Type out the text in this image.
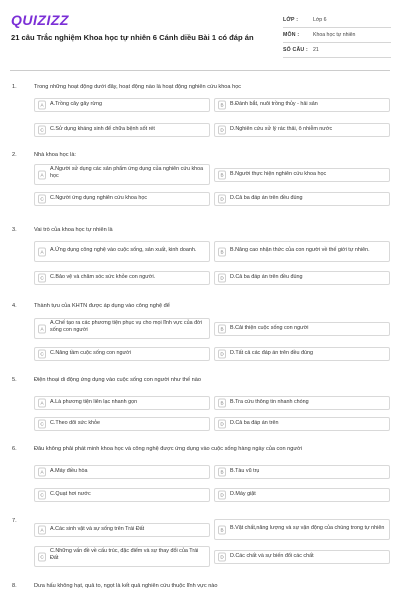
QUIZIZZ
21 câu Trắc nghiệm Khoa học tự nhiên 6 Cánh diều Bài 1 có đáp án
LỚP :	Lớp 6
MÔN :	Khoa học tự nhiên
SỐ CÂU : 21
1.	Trong những hoạt động dưới đây, hoạt động nào là hoạt động nghiên cứu khoa học
A	A.Trồng cây gây rừng	B	B.Đánh bắt, nuôi trồng thủy - hải sản
C	C.Sử dụng kháng sinh để chữa bệnh sốt rét	D	D.Nghiên cứu xử lý rác thải, ô nhiễm nước
2.	Nhà khoa học là:
A
A.Người sử dụng các sản phẩm ứng dụng của nghiên cứu khoa học	B	B.Người thực hiện nghiên cứu khoa học
C	C.Người ứng dụng nghiên cứu khoa học	D	D.Cả ba đáp án trên đều đúng
3.	Vai trò của khoa học tự nhiên là
A	A.Ứng dụng công nghệ vào cuộc sống, sản xuất, kinh doanh.	B	B.Nâng cao nhận thức của con người về thế giới tự nhiên.
C	C.Bảo vệ và chăm sóc sức khỏe con người.	D	D.Cả ba đáp án trên đều đúng
4.	Thành tựu của KHTN được áp dụng vào công nghệ để
A
A.Chế tạo ra các phương tiện phục vụ cho mọi lĩnh vực của đời sống con người	B	B.Cải thiện cuộc sống con người
C	C.Nâng tầm cuộc sống con người	D	D.Tất cả các đáp án trên đều đúng
5.	Điện thoại di động ứng dụng vào cuộc sống con người như thế nào
A	A.Là phương tiện liên lạc nhanh gọn	B	B.Tra cứu thông tin nhanh chóng
C	C.Theo dõi sức khỏe	D	D.Cả ba đáp án trên
6.	Đâu không phải phát minh khoa học và công nghệ được ứng dụng vào cuộc sống hàng ngày của con người
A	A.Máy điều hòa	B	B.Tàu vũ trụ
C	C.Quạt hơi nước	D	D.Máy giặt
7.
A	A.Các sinh vật và sự sống trên Trái Đất	B	B.Vật chất,năng lượng và sự vận động của chúng trong tự nhiên
C
C.Những vấn đề về cấu trúc, đặc điểm và sự thay đổi của Trái Đất	D	D.Các chất và sự biến đổi các chất
8.	Dưa hấu không hạt, quả to, ngọt là kết quả nghiên cứu thuộc lĩnh vực nào
